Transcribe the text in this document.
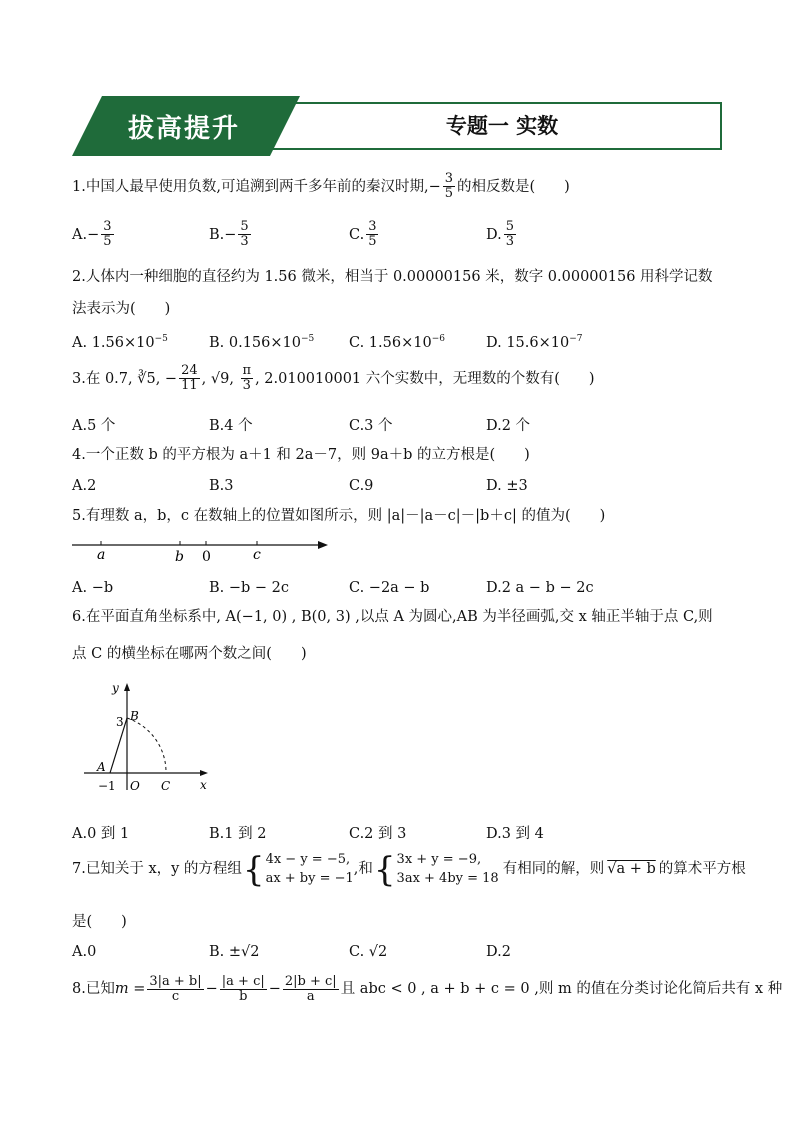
拔高提升	专题一 实数
1.中国人最早使用负数,可追溯到两千多年前的秦汉时期,− $\frac{3}{5}$ 的相反数是(　　)
$A.- \frac{3}{5}$	$B.- \frac{5}{3}$	C. $\frac{3}{5}$	D. $\frac{5}{3}$
2.人体内一种细胞的直径约为 1.56 微米，相当于 0.00000156 米，数字 0.00000156 用科学记数
法表示为(　　)
A. $1.56\times 10^{-5}$	B. $0.156\times 10^{-5}$ C. $1.56\times 10^{-6}$	D. $15.6\times 10^{-7}$
3.在 0.7, ∛5, − $\frac{24}{11}$ , √9, $\frac{\pi}{3}$ , 2.010010001 六个实数中，无理数的个数有(　　)
A.5 个	B.4 个	C.3 个	D.2 个
4.一个正数 b 的平方根为 a＋1 和 2a－7，则 9a＋b 的立方根是(　　)
A.2	B.3	C.9	D. ±3
5.有理数 a，b，c 在数轴上的位置如图所示，则 |a|－|a－c|－|b＋c| 的值为(　　)
a	b 0	c
A. −b	B. −b − 2c	C. −2a − b	D.2 a − b − 2c
6.在平面直角坐标系中, A(−1, 0) , B(0, 3) ,以点 A 为圆心,AB 为半径画弧,交 x 轴正半轴于点 C,则
点 C 的横坐标在哪两个数之间(　　)
y
x
B
3
A
−1 O C
A.0 到 1	B.1 到 2	C.2 到 3	D.3 到 4
7.已知关于 x，y 的方程组 { 4x − y = −5,
ax + by = −1
,和 { 3x + y = −9,
3ax + 4by = 18
有相同的解，则 √a + b 的算术平方根
是(　　)
A.0	B. ±√2	C. √2	D.2
8.已知 $m = \frac{3|a + b|}{c} - \frac{|a + c|}{b} - \frac{2|b + c|}{a}$ 且 abc < 0 , a + b + c = 0 ,则 m 的值在分类讨论化简后共有 x 种
